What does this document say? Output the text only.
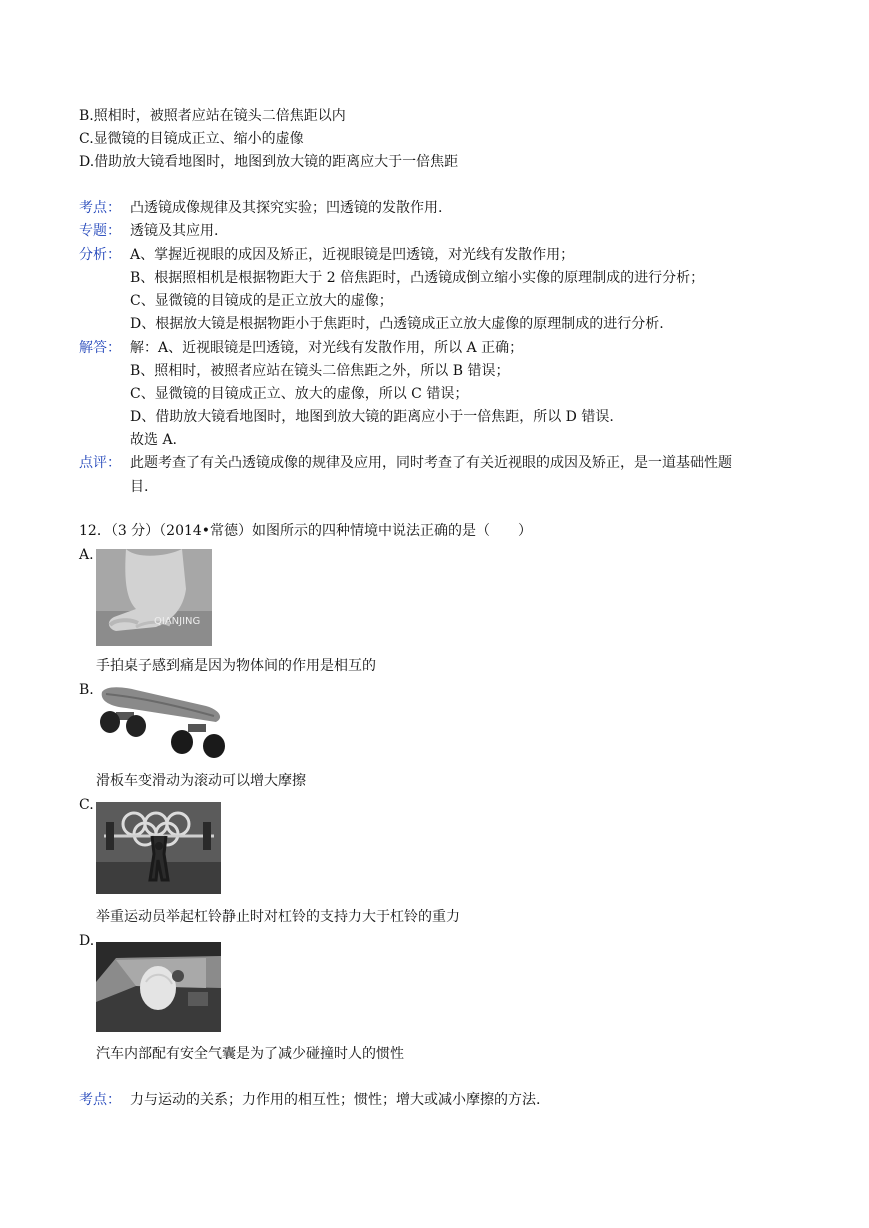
B.照相时，被照者应站在镜头二倍焦距以内
C.显微镜的目镜成正立、缩小的虚像
D.借助放大镜看地图时，地图到放大镜的距离应大于一倍焦距
考点： 凸透镜成像规律及其探究实验；凹透镜的发散作用.
专题： 透镜及其应用.
分析： A、掌握近视眼的成因及矫正，近视眼镜是凹透镜，对光线有发散作用；
B、根据照相机是根据物距大于 2 倍焦距时，凸透镜成倒立缩小实像的原理制成的进行分析；
C、显微镜的目镜成的是正立放大的虚像；
D、根据放大镜是根据物距小于焦距时，凸透镜成正立放大虚像的原理制成的进行分析.
解答： 解：A、近视眼镜是凹透镜，对光线有发散作用，所以 A 正确；
B、照相时，被照者应站在镜头二倍焦距之外，所以 B 错误；
C、显微镜的目镜成正立、放大的虚像，所以 C 错误；
D、借助放大镜看地图时，地图到放大镜的距离应小于一倍焦距，所以 D 错误.
故选 A.
点评： 此题考查了有关凸透镜成像的规律及应用，同时考查了有关近视眼的成因及矫正，是一道基础性题
目.
12．（3 分）（2014•常德）如图所示的四种情境中说法正确的是（　　）
A.
QIANJING
手拍桌子感到痛是因为物体间的作用是相互的
B.
滑板车变滑动为滚动可以增大摩擦
C.
举重运动员举起杠铃静止时对杠铃的支持力大于杠铃的重力
D.
汽车内部配有安全气囊是为了减少碰撞时人的惯性
考点： 力与运动的关系；力作用的相互性；惯性；增大或减小摩擦的方法.
